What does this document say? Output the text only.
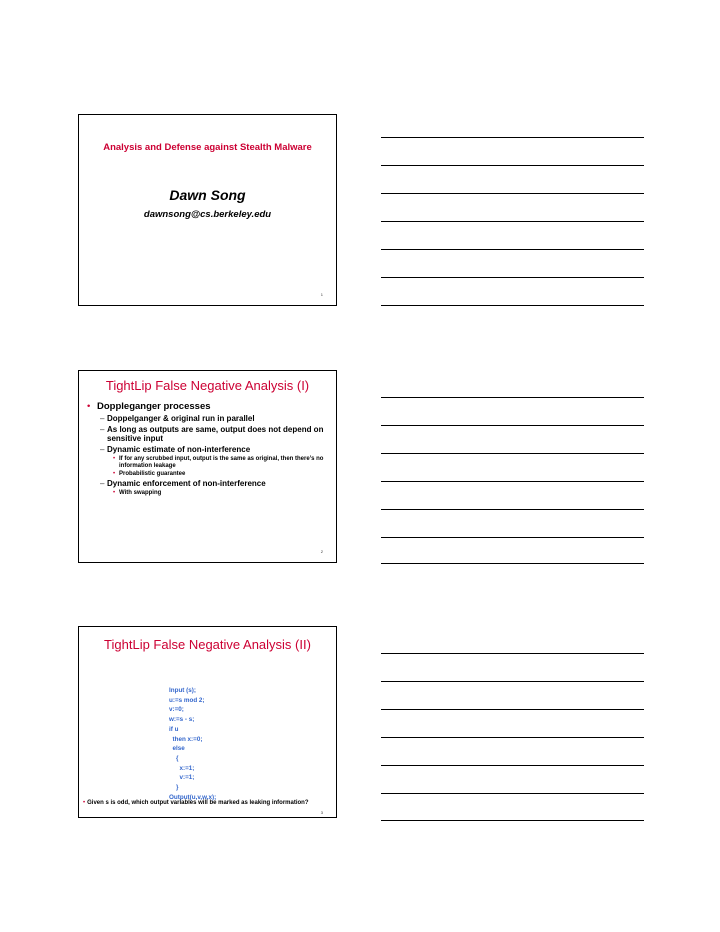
Analysis and Defense against Stealth Malware
Dawn Song
dawnsong@cs.berkeley.edu
1
TightLip False Negative Analysis (I)
• Doppleganger processes
– Doppelganger & original run in parallel
– As long as outputs are same, output does not depend on sensitive input
– Dynamic estimate of non-interference
• If for any scrubbed input, output is the same as original, then there’s no information leakage
• Probabilistic guarantee
– Dynamic enforcement of non-interference
• With swapping
2
TightLip False Negative Analysis (II)
Input (s);
u:=s mod 2;
v:=0;
w:=s - s;
if u
then x:=0;
else
{
x:=1;
v:=1;
}
Output(u,v,w,x);
• Given s is odd, which output variables will be marked as leaking information?
3
